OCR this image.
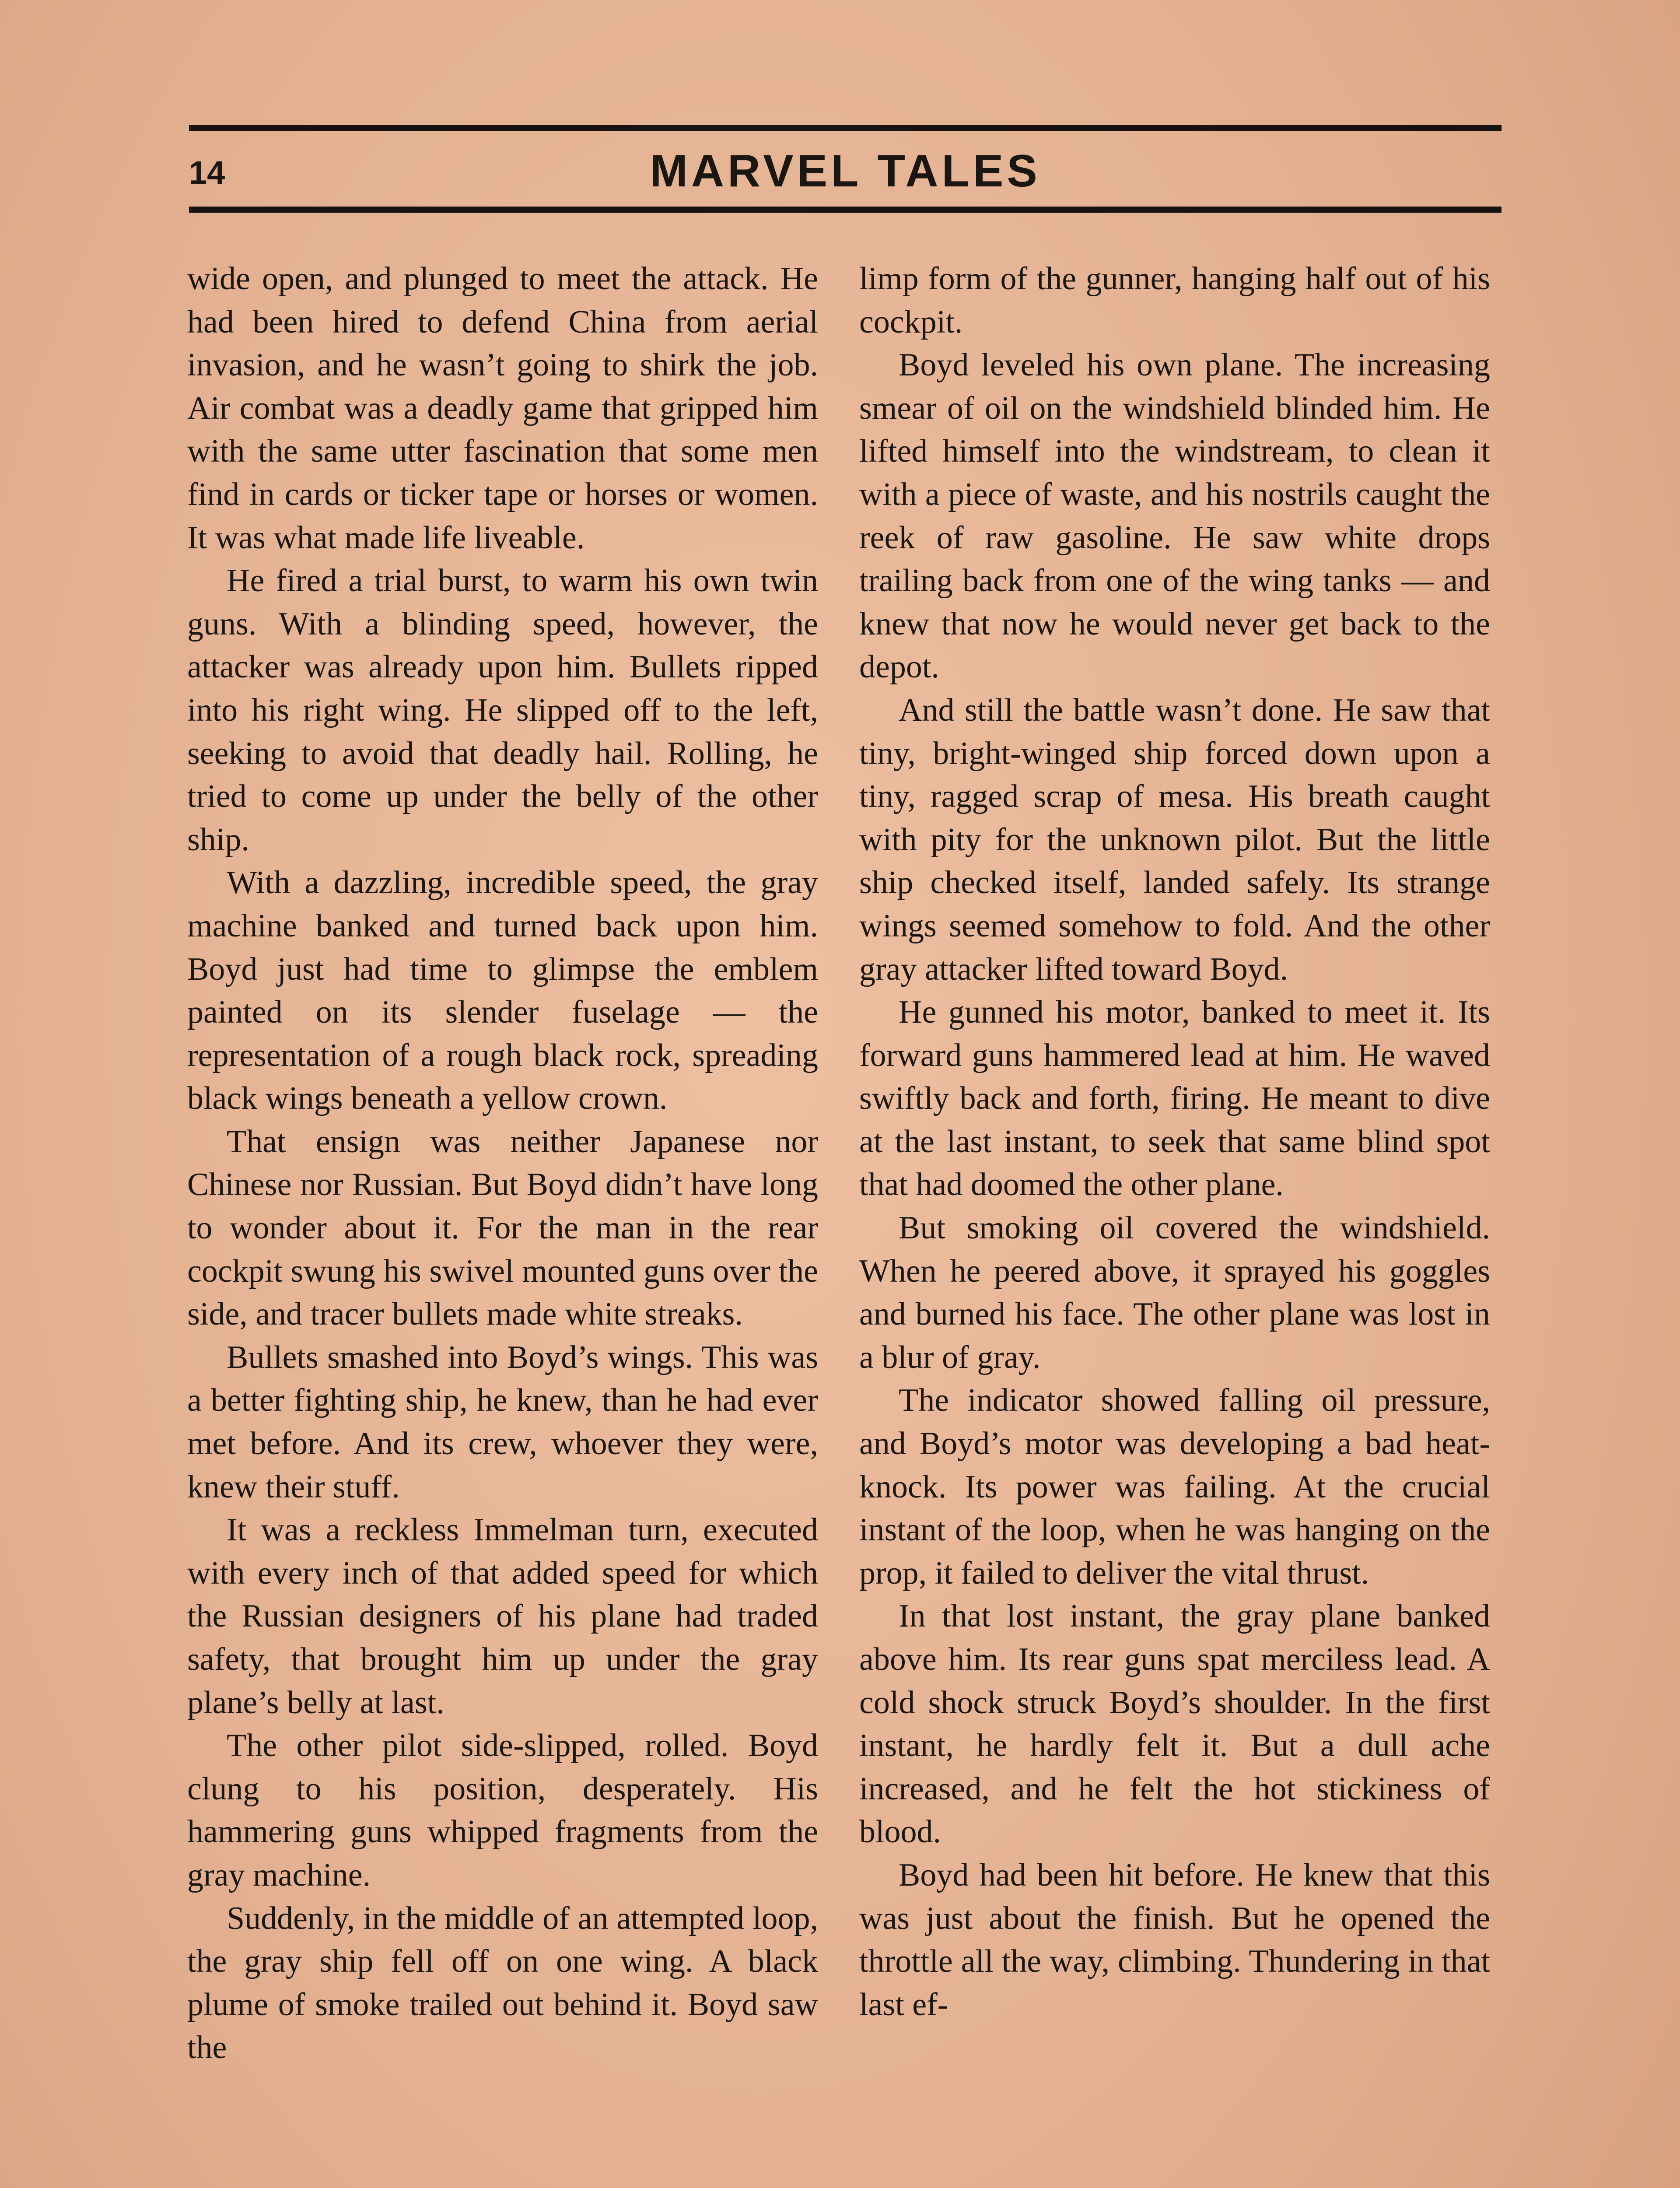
14	MARVEL TALES

wide open, and plunged to meet the attack. He had been hired to defend China from aerial invasion, and he wasn’t going to shirk the job. Air combat was a deadly game that gripped him with the same utter fascination that some men find in cards or ticker tape or horses or women. It was what made life liveable.

He fired a trial burst, to warm his own twin guns. With a blinding speed, however, the attacker was already upon him. Bullets ripped into his right wing. He slipped off to the left, seeking to avoid that deadly hail. Rolling, he tried to come up under the belly of the other ship.

With a dazzling, incredible speed, the gray machine banked and turned back upon him. Boyd just had time to glimpse the emblem painted on its slender fuselage — the representation of a rough black rock, spreading black wings beneath a yellow crown.

That ensign was neither Japanese nor Chinese nor Russian. But Boyd didn’t have long to wonder about it. For the man in the rear cockpit swung his swivel mounted guns over the side, and tracer bullets made white streaks.

Bullets smashed into Boyd’s wings. This was a better fighting ship, he knew, than he had ever met before. And its crew, whoever they were, knew their stuff.

It was a reckless Immelman turn, executed with every inch of that added speed for which the Russian designers of his plane had traded safety, that brought him up under the gray plane’s belly at last.

The other pilot side-slipped, rolled. Boyd clung to his position, desperately. His hammering guns whipped fragments from the gray machine.

Suddenly, in the middle of an attempted loop, the gray ship fell off on one wing. A black plume of smoke trailed out behind it. Boyd saw the

limp form of the gunner, hanging half out of his cockpit.

Boyd leveled his own plane. The increasing smear of oil on the windshield blinded him. He lifted himself into the windstream, to clean it with a piece of waste, and his nostrils caught the reek of raw gasoline. He saw white drops trailing back from one of the wing tanks — and knew that now he would never get back to the depot.

And still the battle wasn’t done. He saw that tiny, bright-winged ship forced down upon a tiny, ragged scrap of mesa. His breath caught with pity for the unknown pilot. But the little ship checked itself, landed safely. Its strange wings seemed somehow to fold. And the other gray attacker lifted toward Boyd.

He gunned his motor, banked to meet it. Its forward guns hammered lead at him. He waved swiftly back and forth, firing. He meant to dive at the last instant, to seek that same blind spot that had doomed the other plane.

But smoking oil covered the windshield. When he peered above, it sprayed his goggles and burned his face. The other plane was lost in a blur of gray.

The indicator showed falling oil pressure, and Boyd’s motor was developing a bad heat-knock. Its power was failing. At the crucial instant of the loop, when he was hanging on the prop, it failed to deliver the vital thrust.

In that lost instant, the gray plane banked above him. Its rear guns spat merciless lead. A cold shock struck Boyd’s shoulder. In the first instant, he hardly felt it. But a dull ache increased, and he felt the hot stickiness of blood.

Boyd had been hit before. He knew that this was just about the finish. But he opened the throttle all the way, climbing. Thundering in that last ef-
